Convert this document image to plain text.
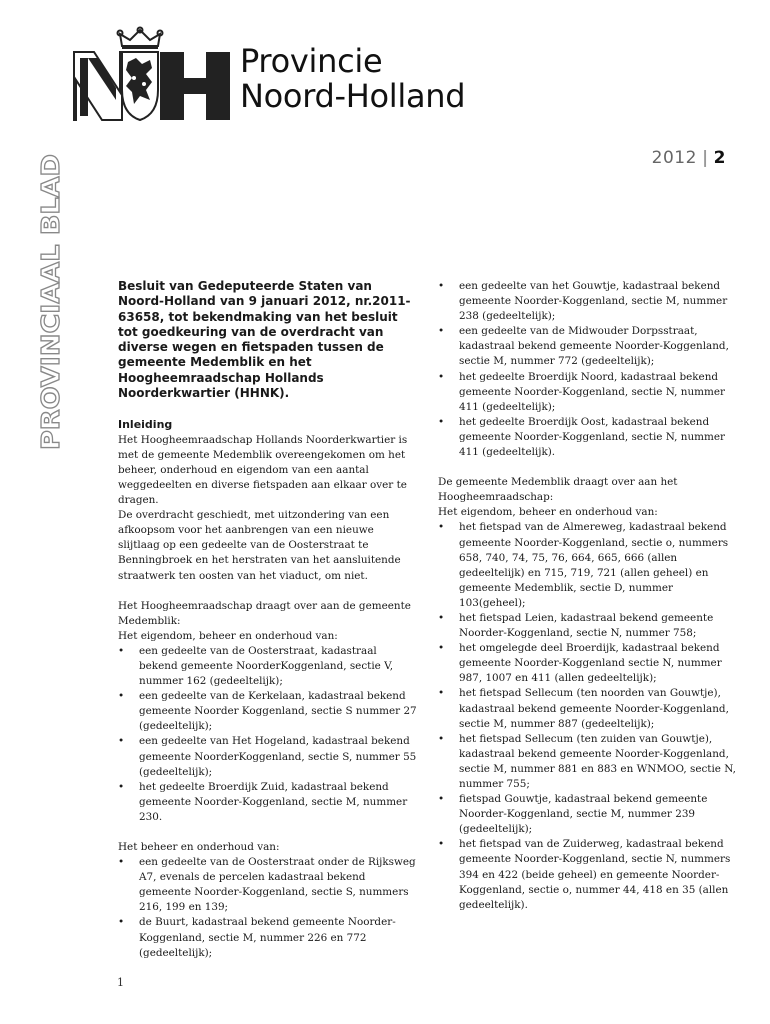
Provincie
Noord-Holland
2012 | 2
PROVINCIAAL BLAD	Besluit van Gedeputeerde Staten van Noord-Holland van 9 januari 2012, nr.2011-63658, tot bekendmaking van het besluit tot goedkeuring van de overdracht van diverse wegen en fietspaden tussen de gemeente Medemblik en het Hoogheemraadschap Hollands Noorderkwartier (HHNK).
Inleiding

Het Hoogheemraadschap Hollands Noorderkwartier is met de gemeente Medemblik overeengekomen om het beheer, onderhoud en eigendom van een aantal weggedeelten en diverse fietspaden aan elkaar over te dragen.

De overdracht geschiedt, met uitzondering van een afkoopsom voor het aanbrengen van een nieuwe slijtlaag op een gedeelte van de Oosterstraat te Benningbroek en het herstraten van het aansluitende straatwerk ten oosten van het viaduct, om niet.

Het Hoogheemraadschap draagt over aan de gemeente Medemblik:

Het eigendom, beheer en onderhoud van:

• een gedeelte van de Oosterstraat, kadastraal bekend gemeente NoorderKoggenland, sectie V, nummer 162 (gedeeltelijk);
• een gedeelte van de Kerkelaan, kadastraal bekend gemeente Noorder Koggenland, sectie S nummer 27 (gedeeltelijk);
• een gedeelte van Het Hogeland, kadastraal bekend gemeente NoorderKoggenland, sectie S, nummer 55 (gedeeltelijk);
• het gedeelte Broerdijk Zuid, kadastraal bekend gemeente Noorder-Koggenland, sectie M, nummer 230.

Het beheer en onderhoud van:

• een gedeelte van de Oosterstraat onder de Rijksweg A7, evenals de percelen kadastraal bekend gemeente Noorder-Koggenland, sectie S, nummers 216, 199 en 139;
• de Buurt, kadastraal bekend gemeente Noorder-Koggenland, sectie M, nummer 226 en 772 (gedeeltelijk);
• een gedeelte van het Gouwtje, kadastraal bekend gemeente Noorder-Koggenland, sectie M, nummer 238 (gedeeltelijk);
• een gedeelte van de Midwouder Dorpsstraat, kadastraal bekend gemeente Noorder-Koggenland, sectie M, nummer 772 (gedeeltelijk);
• het gedeelte Broerdijk Noord, kadastraal bekend gemeente Noorder-Koggenland, sectie N, nummer 411 (gedeeltelijk);
• het gedeelte Broerdijk Oost, kadastraal bekend gemeente Noorder-Koggenland, sectie N, nummer 411 (gedeeltelijk).

De gemeente Medemblik draagt over aan het Hoogheemraadschap:

Het eigendom, beheer en onderhoud van:

• het fietspad van de Almereweg, kadastraal bekend gemeente Noorder-Koggenland, sectie o, nummers 658, 740, 74, 75, 76, 664, 665, 666 (allen gedeeltelijk) en 715, 719, 721 (allen geheel) en gemeente Medemblik, sectie D, nummer 103(geheel);
• het fietspad Leien, kadastraal bekend gemeente Noorder-Koggenland, sectie N, nummer 758;
• het omgelegde deel Broerdijk, kadastraal bekend gemeente Noorder-Koggenland sectie N, nummer 987, 1007 en 411 (allen gedeeltelijk);
• het fietspad Sellecum (ten noorden van Gouwtje), kadastraal bekend gemeente Noorder-Koggenland, sectie M, nummer 887 (gedeeltelijk);
• het fietspad Sellecum (ten zuiden van Gouwtje), kadastraal bekend gemeente Noorder-Koggenland, sectie M, nummer 881 en 883 en WNMOO, sectie N, nummer 755;
• fietspad Gouwtje, kadastraal bekend gemeente Noorder-Koggenland, sectie M, nummer 239 (gedeeltelijk);
• het fietspad van de Zuiderweg, kadastraal bekend gemeente Noorder-Koggenland, sectie N, nummers 394 en 422 (beide geheel) en gemeente Noorder-Koggenland, sectie o, nummer 44, 418 en 35 (allen gedeeltelijk).
1
